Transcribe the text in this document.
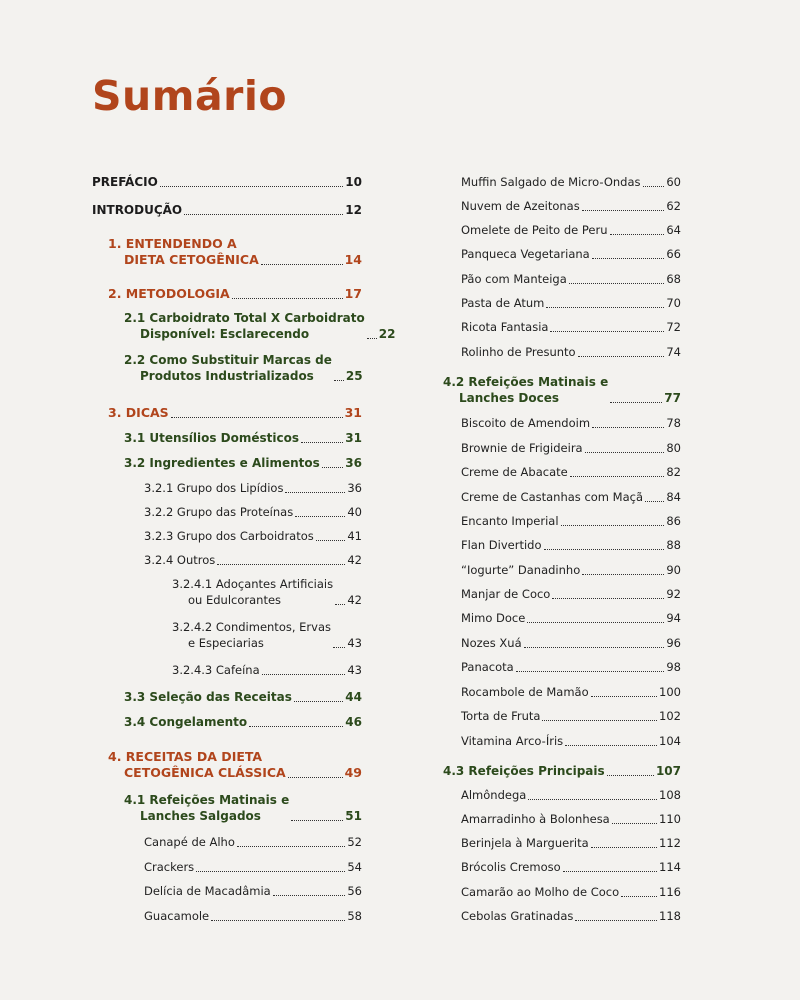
Sumário
PREFÁCIO	10
INTRODUÇÃO	12
1. ENTENDENDO A
DIETA CETOGÊNICA	14
2. METODOLOGIA	17
2.1 Carboidrato Total X Carboidrato
Disponível: Esclarecendo	22
2.2 Como Substituir Marcas de
Produtos Industrializados	25
3. DICAS	31
3.1 Utensílios Domésticos	31
3.2 Ingredientes e Alimentos 36
3.2.1 Grupo dos Lipídios	36
3.2.2 Grupo das Proteínas	40
3.2.3 Grupo dos Carboidratos	41
3.2.4 Outros	42
3.2.4.1 Adoçantes Artificiais
ou Edulcorantes	42
3.2.4.2 Condimentos, Ervas
e Especiarias	43
3.2.4.3 Cafeína	43
3.3 Seleção das Receitas	44
3.4 Congelamento	46
4. RECEITAS DA DIETA
CETOGÊNICA CLÁSSICA	49
4.1 Refeições Matinais e
Lanches Salgados	51
Canapé de Alho	52
Crackers	54
Delícia de Macadâmia	56
Guacamole	58
Muffin Salgado de Micro-Ondas 60
Nuvem de Azeitonas	62
Omelete de Peito de Peru	64
Panqueca Vegetariana	66
Pão com Manteiga	68
Pasta de Atum	70
Ricota Fantasia	72
Rolinho de Presunto	74
4.2 Refeições Matinais e
Lanches Doces	77
Biscoito de Amendoim	78
Brownie de Frigideira	80
Creme de Abacate	82
Creme de Castanhas com Maçã 84
Encanto Imperial	86
Flan Divertido	88
“Iogurte” Danadinho	90
Manjar de Coco	92
Mimo Doce	94
Nozes Xuá	96
Panacota	98
Rocambole de Mamão	100
Torta de Fruta	102
Vitamina Arco-Íris	104
4.3 Refeições Principais	107
Almôndega	108
Amarradinho à Bolonhesa	110
Berinjela à Marguerita	112
Brócolis Cremoso	114
Camarão ao Molho de Coco	116
Cebolas Gratinadas	118
